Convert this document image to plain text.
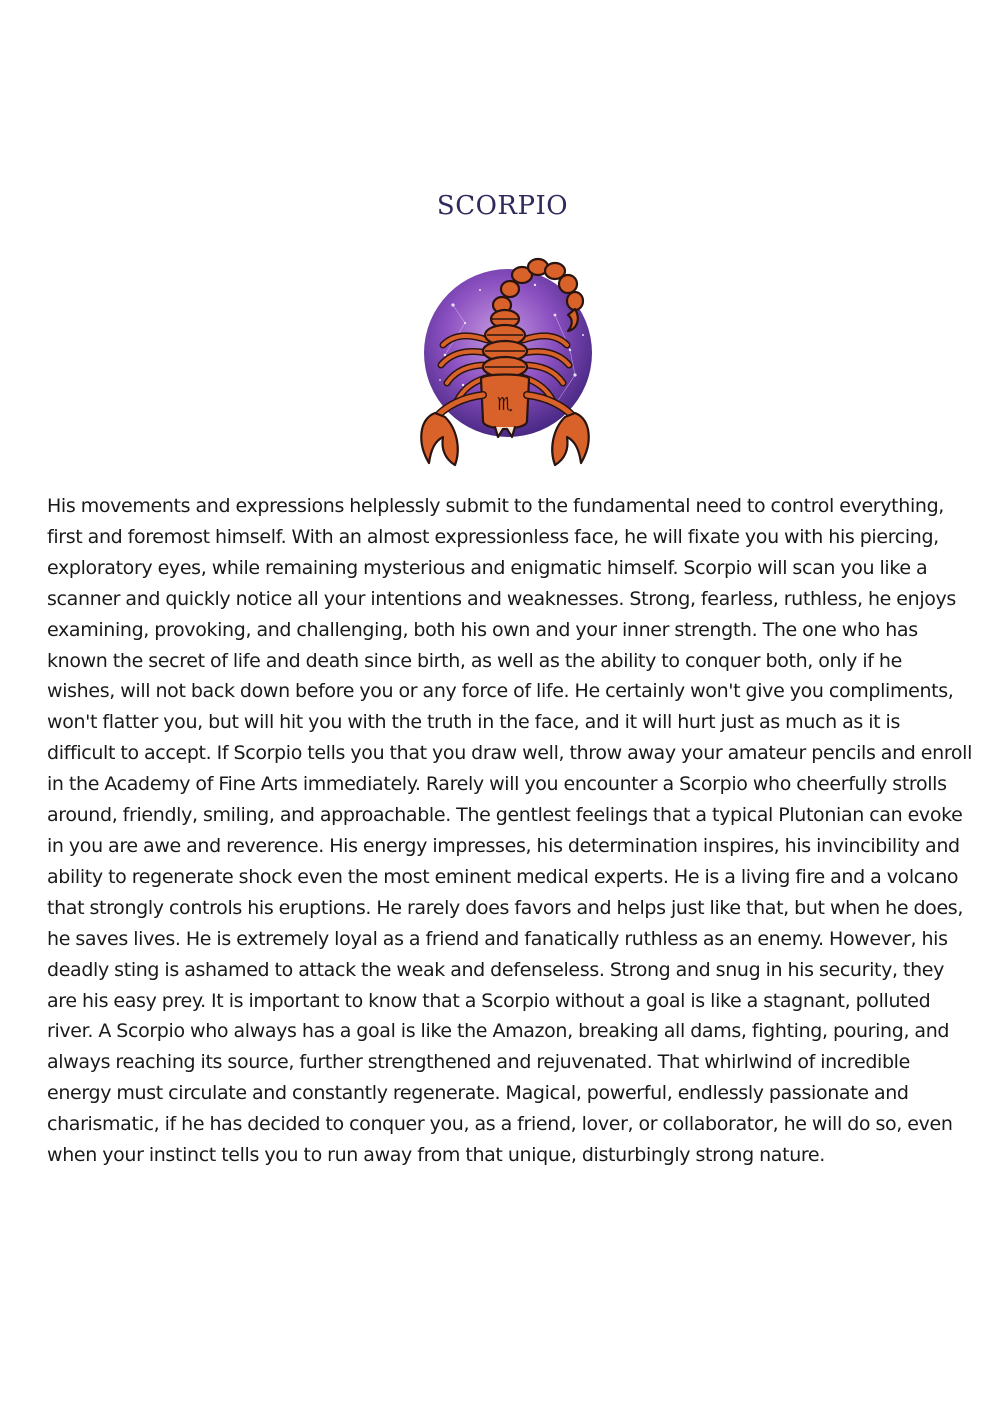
SCORPIO
♏

His movements and expressions helplessly submit to the fundamental need to control everything, first and foremost himself. With an almost expressionless face, he will fixate you with his piercing, exploratory eyes, while remaining mysterious and enigmatic himself. Scorpio will scan you like a scanner and quickly notice all your intentions and weaknesses. Strong, fearless, ruthless, he enjoys examining, provoking, and challenging, both his own and your inner strength. The one who has known the secret of life and death since birth, as well as the ability to conquer both, only if he wishes, will not back down before you or any force of life. He certainly won't give you compliments, won't flatter you, but will hit you with the truth in the face, and it will hurt just as much as it is difficult to accept. If Scorpio tells you that you draw well, throw away your amateur pencils and enroll in the Academy of Fine Arts immediately. Rarely will you encounter a Scorpio who cheerfully strolls around, friendly, smiling, and approachable. The gentlest feelings that a typical Plutonian can evoke in you are awe and reverence. His energy impresses, his determination inspires, his invincibility and ability to regenerate shock even the most eminent medical experts. He is a living fire and a volcano that strongly controls his eruptions. He rarely does favors and helps just like that, but when he does, he saves lives. He is extremely loyal as a friend and fanatically ruthless as an enemy. However, his deadly sting is ashamed to attack the weak and defenseless. Strong and snug in his security, they are his easy prey. It is important to know that a Scorpio without a goal is like a stagnant, polluted river. A Scorpio who always has a goal is like the Amazon, breaking all dams, fighting, pouring, and always reaching its source, further strengthened and rejuvenated. That whirlwind of incredible energy must circulate and constantly regenerate. Magical, powerful, endlessly passionate and charismatic, if he has decided to conquer you, as a friend, lover, or collaborator, he will do so, even when your instinct tells you to run away from that unique, disturbingly strong nature.
